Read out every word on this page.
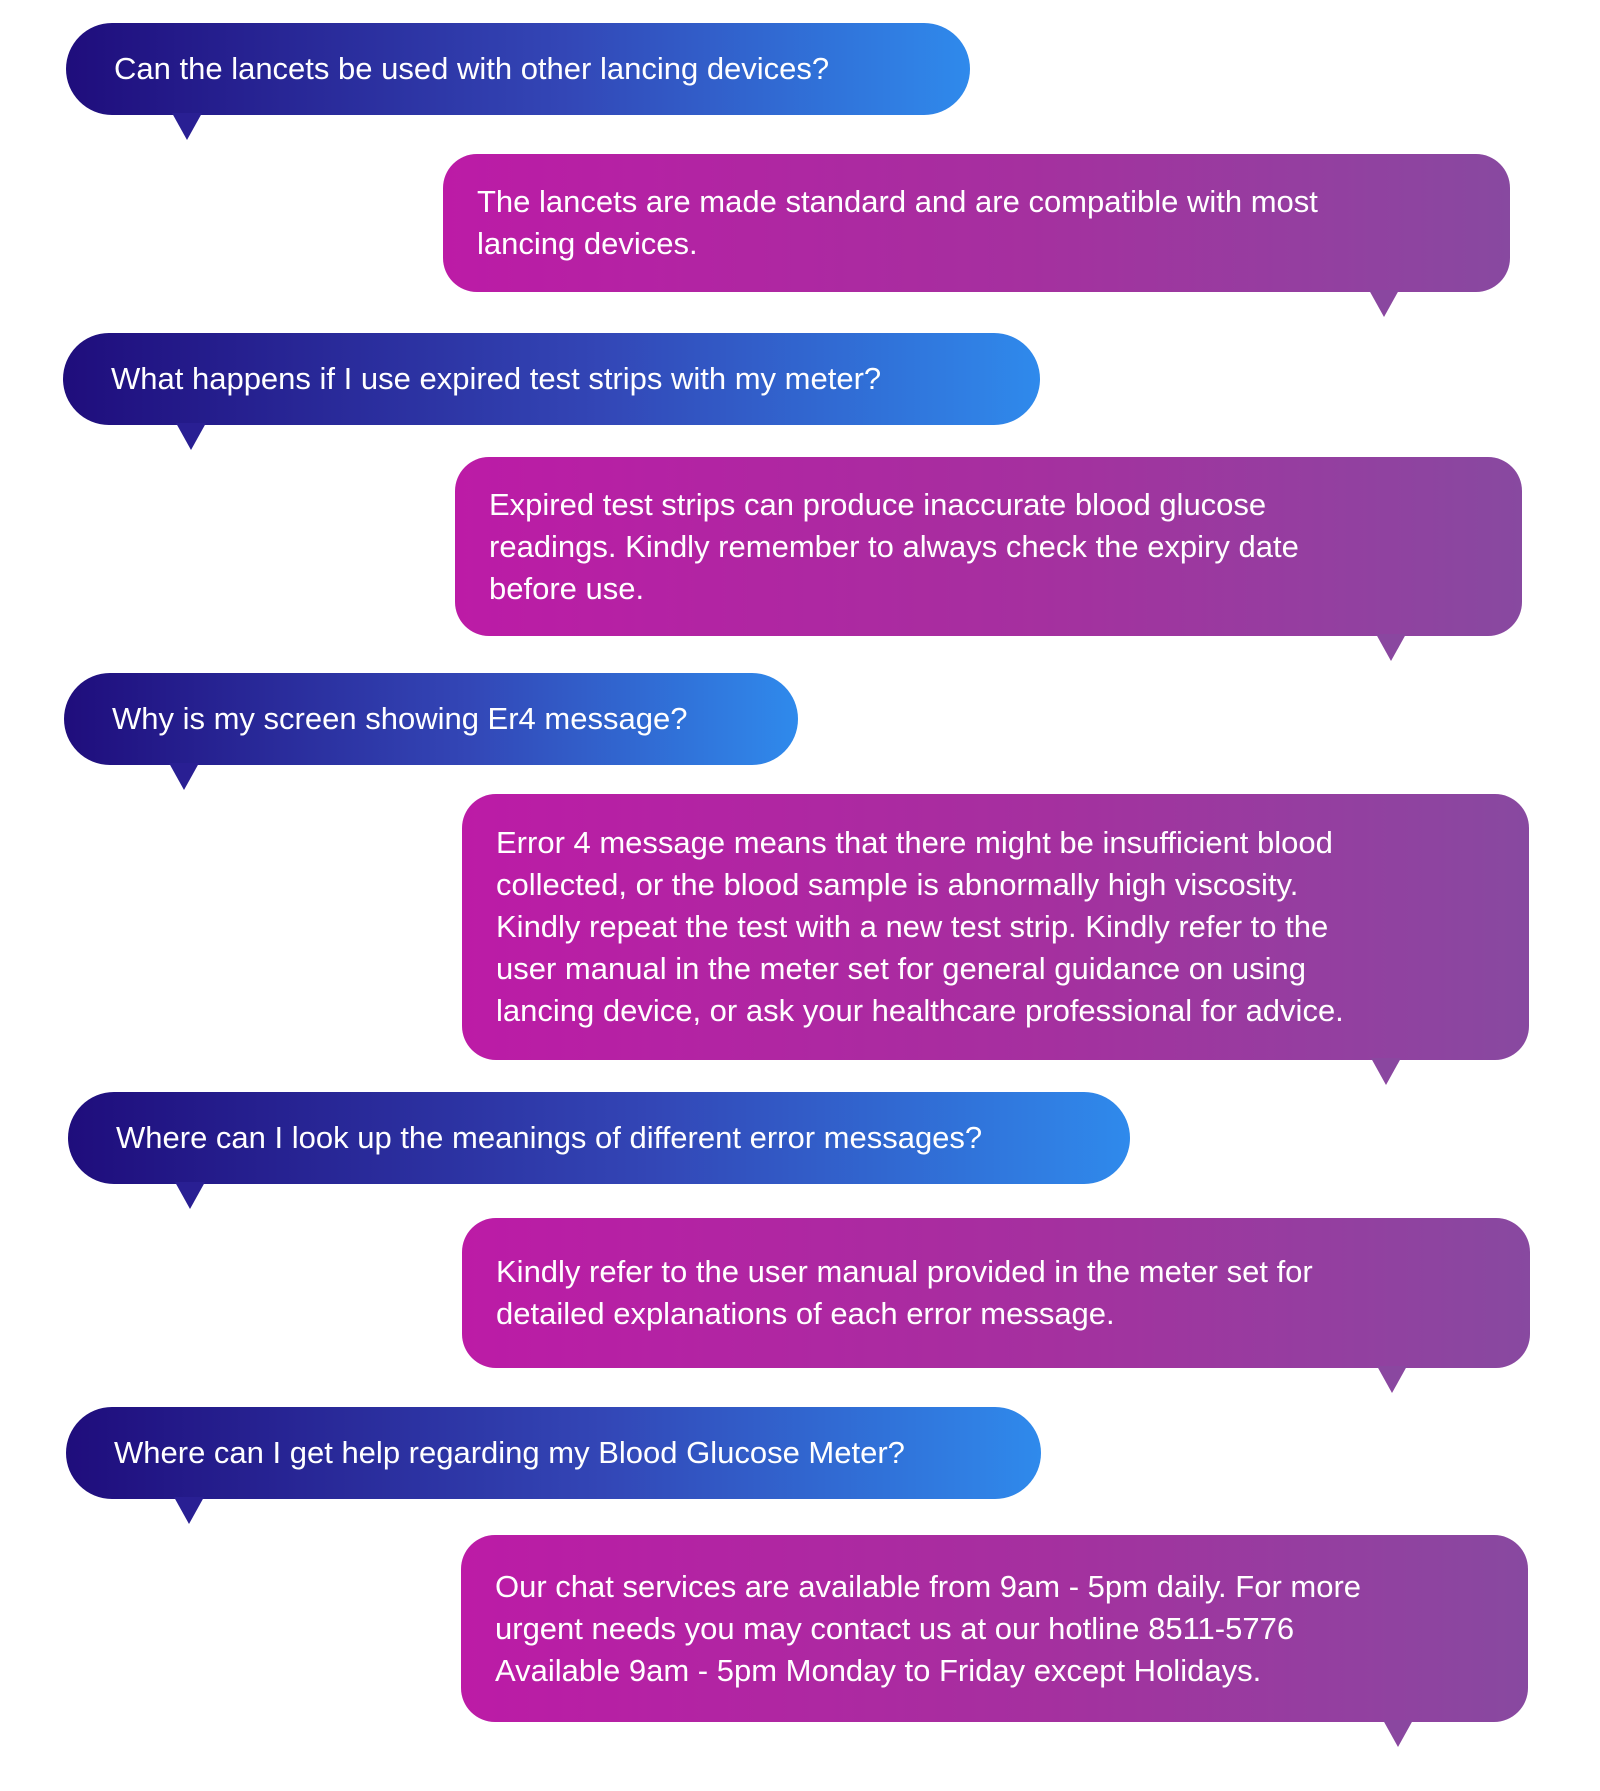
Can the lancets be used with other lancing devices?
The lancets are made standard and are compatible with most
lancing devices.
What happens if I use expired test strips with my meter?
Expired test strips can produce inaccurate blood glucose
readings. Kindly remember to always check the expiry date
before use.
Why is my screen showing Er4 message?
Error 4 message means that there might be insufficient blood
collected, or the blood sample is abnormally high viscosity.
Kindly repeat the test with a new test strip. Kindly refer to the
user manual in the meter set for general guidance on using
lancing device, or ask your healthcare professional for advice.
Where can I look up the meanings of different error messages?
Kindly refer to the user manual provided in the meter set for
detailed explanations of each error message.
Where can I get help regarding my Blood Glucose Meter?
Our chat services are available from 9am - 5pm daily. For more
urgent needs you may contact us at our hotline 8511-5776
Available 9am - 5pm Monday to Friday except Holidays.
